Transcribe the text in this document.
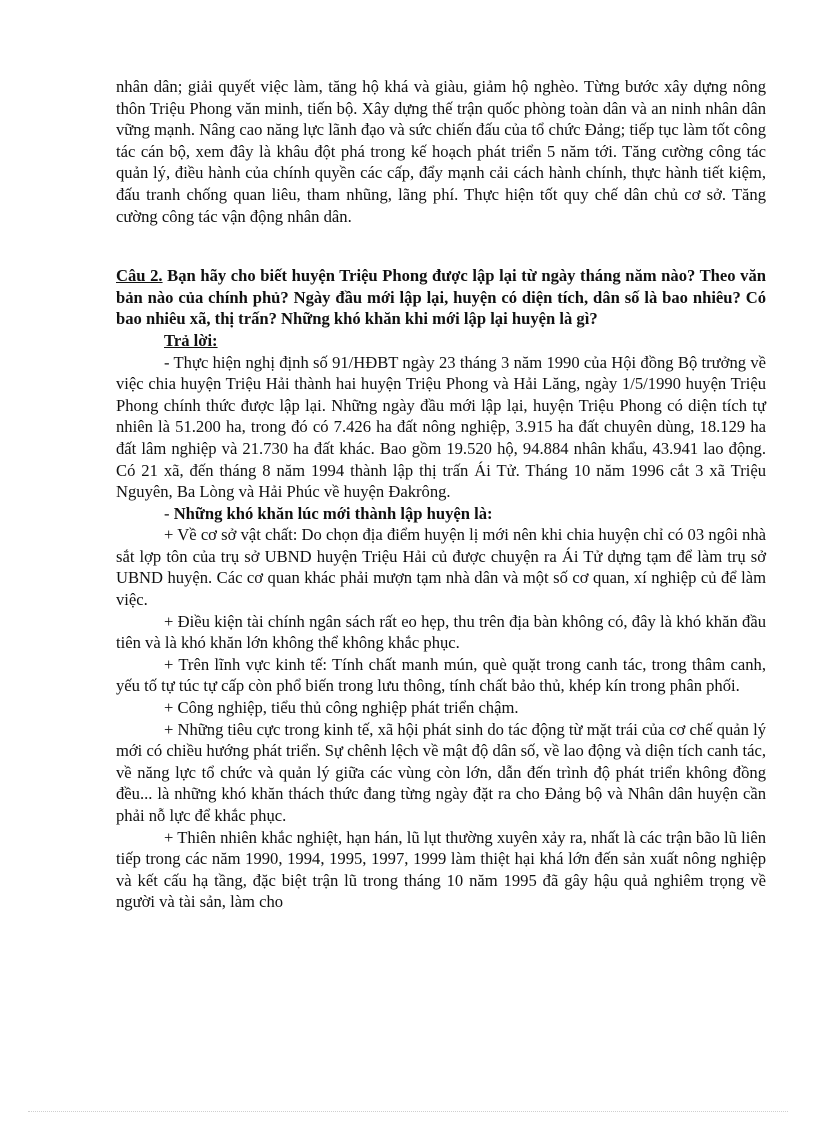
nhân dân; giải quyết việc làm, tăng hộ khá và giàu, giảm hộ nghèo. Từng bước xây dựng nông thôn Triệu Phong văn minh, tiến bộ. Xây dựng thế trận quốc phòng toàn dân và an ninh nhân dân vững mạnh. Nâng cao năng lực lãnh đạo và sức chiến đấu của tổ chức Đảng; tiếp tục làm tốt công tác cán bộ, xem đây là khâu đột phá trong kế hoạch phát triển 5 năm tới. Tăng cường công tác quản lý, điều hành của chính quyền các cấp, đẩy mạnh cải cách hành chính, thực hành tiết kiệm, đấu tranh chống quan liêu, tham nhũng, lãng phí. Thực hiện tốt quy chế dân chủ cơ sở. Tăng cường công tác vận động nhân dân.

Câu 2. Bạn hãy cho biết huyện Triệu Phong được lập lại từ ngày tháng năm nào? Theo văn bản nào của chính phủ? Ngày đầu mới lập lại, huyện có diện tích, dân số là bao nhiêu? Có bao nhiêu xã, thị trấn? Những khó khăn khi mới lập lại huyện là gì?

Trả lời:

- Thực hiện nghị định số 91/HĐBT ngày 23 tháng 3 năm 1990 của Hội đồng Bộ trưởng về việc chia huyện Triệu Hải thành hai huyện Triệu Phong và Hải Lăng, ngày 1/5/1990 huyện Triệu Phong chính thức được lập lại. Những ngày đầu mới lập lại, huyện Triệu Phong có diện tích tự nhiên là 51.200 ha, trong đó có 7.426 ha đất nông nghiệp, 3.915 ha đất chuyên dùng, 18.129 ha đất lâm nghiệp và 21.730 ha đất khác. Bao gồm 19.520 hộ, 94.884 nhân khẩu, 43.941 lao động. Có 21 xã, đến tháng 8 năm 1994 thành lập thị trấn Ái Tử. Tháng 10 năm 1996 cắt 3 xã Triệu Nguyên, Ba Lòng và Hải Phúc về huyện Đakrông.

- Những khó khăn lúc mới thành lập huyện là:

+ Về cơ sở vật chất: Do chọn địa điểm huyện lị mới nên khi chia huyện chỉ có 03 ngôi nhà sắt lợp tôn của trụ sở UBND huyện Triệu Hải củ được chuyện ra Ái Tử dựng tạm để làm trụ sở UBND huyện. Các cơ quan khác phải mượn tạm nhà dân và một số cơ quan, xí nghiệp củ để làm việc.

+ Điều kiện tài chính ngân sách rất eo hẹp, thu trên địa bàn không có, đây là khó khăn đầu tiên và là khó khăn lớn không thể không khắc phục.

+ Trên lĩnh vực kinh tế: Tính chất manh mún, què quặt trong canh tác, trong thâm canh, yếu tố tự túc tự cấp còn phổ biến trong lưu thông, tính chất bảo thủ, khép kín trong phân phối.

+ Công nghiệp, tiểu thủ công nghiệp phát triển chậm.

+ Những tiêu cực trong kinh tế, xã hội phát sinh do tác động từ mặt trái của cơ chế quản lý mới có chiều hướng phát triển. Sự chênh lệch về mật độ dân số, về lao động và diện tích canh tác, về năng lực tổ chức và quản lý giữa các vùng còn lớn, dẫn đến trình độ phát triển không đồng đều... là những khó khăn thách thức đang từng ngày đặt ra cho Đảng bộ và Nhân dân huyện cần phải nỗ lực để khắc phục.

+ Thiên nhiên khắc nghiệt, hạn hán, lũ lụt thường xuyên xảy ra, nhất là các trận bão lũ liên tiếp trong các năm 1990, 1994, 1995, 1997, 1999 làm thiệt hại khá lớn đến sản xuất nông nghiệp và kết cấu hạ tầng, đặc biệt trận lũ trong tháng 10 năm 1995 đã gây hậu quả nghiêm trọng về người và tài sản, làm cho
